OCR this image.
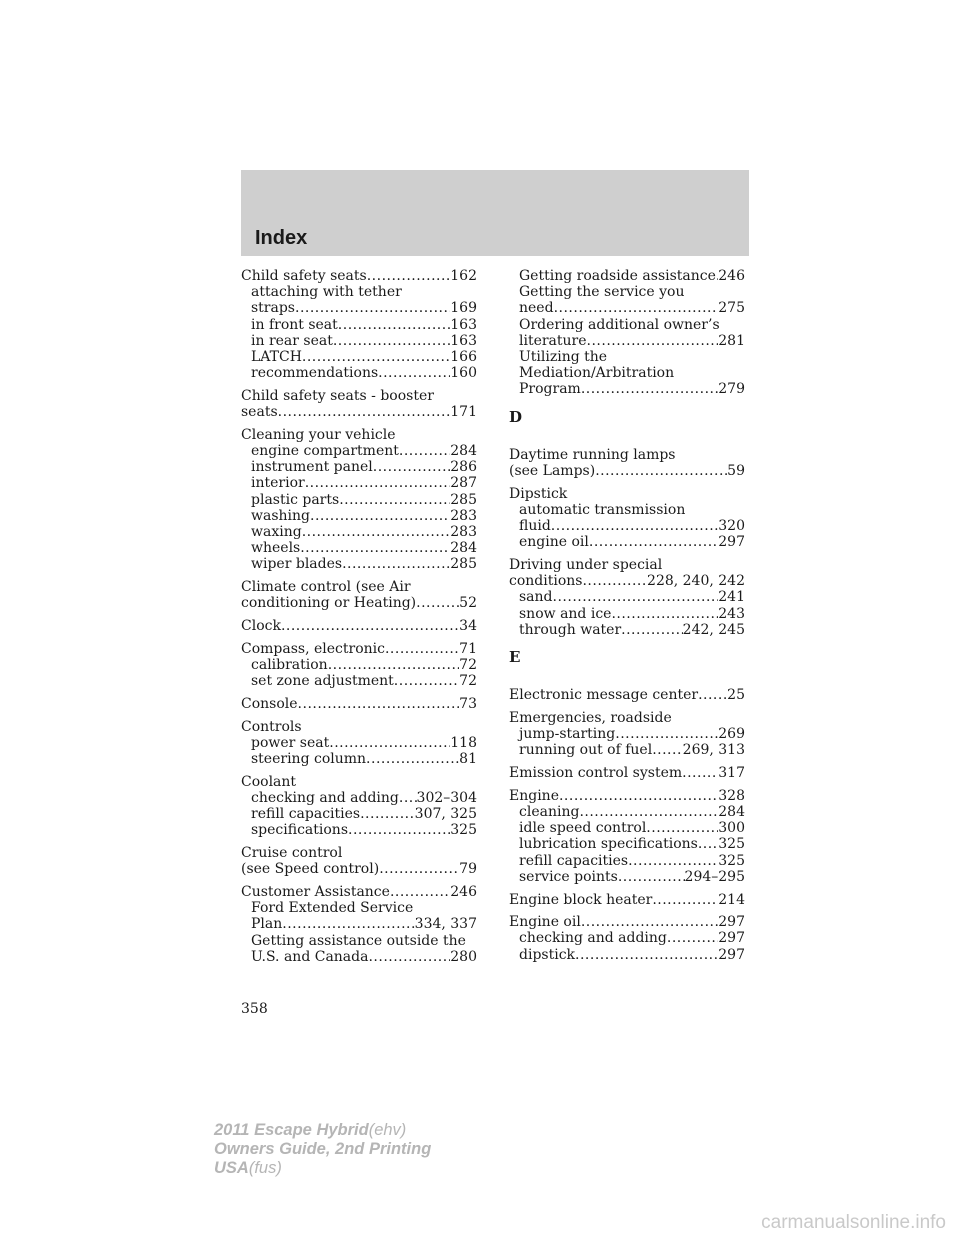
Index
Child safety seats .....	162
attaching with tether
straps .....	169
in front seat .....	163
in rear seat .....	163
LATCH .....	166
recommendations .....	160
Child safety seats - booster
seats .....	171
Cleaning your vehicle
engine compartment .....	284
instrument panel .....	286
interior .....	287
plastic parts .....	285
washing .....	283
waxing .....	283
wheels .....	284
wiper blades .....	285
Climate control (see Air
conditioning or Heating) .....	52
Clock .....	34
Compass, electronic .....	71
calibration .....	72
set zone adjustment .....	72
Console .....	73
Controls
power seat .....	118
steering column .....	81
Coolant
checking and adding ..... 302–304
refill capacities .....	307, 325
specifications .....	325
Cruise control
(see Speed control) .....	79
Customer Assistance .....	246
Ford Extended Service
Plan .....	334, 337
Getting assistance outside the
U.S. and Canada .....	280
Getting roadside assistance ..... 246
Getting the service you
need .....	275
Ordering additional owner’s
literature .....	281
Utilizing the
Mediation/Arbitration
Program .....	279
D
Daytime running lamps
(see Lamps) .....	59
Dipstick
automatic transmission
fluid .....	320
engine oil .....	297
Driving under special
conditions .....	228, 240, 242
sand .....	241
snow and ice .....	243
through water .....	242, 245
E
Electronic message center ..... 25
Emergencies, roadside
jump-starting .....	269
running out of fuel ..... 269, 313
Emission control system .....	317
Engine .....	328
cleaning .....	284
idle speed control .....	300
lubrication specifications ..... 325
refill capacities .....	325
service points .....	294–295
Engine block heater .....	214
Engine oil .....	297
checking and adding .....	297
dipstick .....	297
358
2011 Escape Hybrid(ehv)
Owners Guide, 2nd Printing
USA(fus)
carmanualsonline.info
